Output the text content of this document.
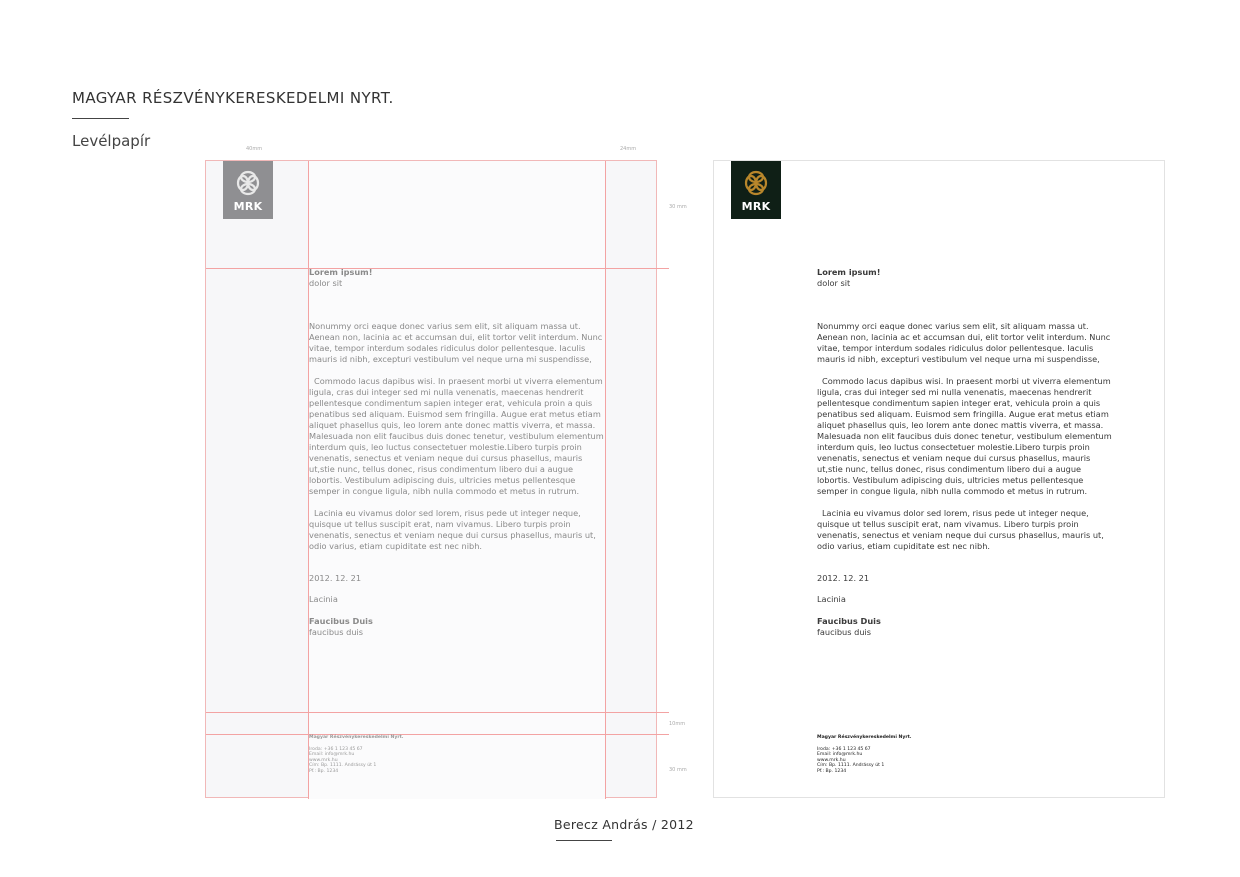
MAGYAR RÉSZVÉNYKERESKEDELMI NYRT.
Levélpapír	40mm	24mm
30 mm
10mm
30 mm
MRK

Lorem ipsum!

dolor sit

Nonummy orci eaque donec varius sem elit, sit aliquam massa ut. Aenean non, lacinia ac et accumsan dui, elit tortor velit interdum. Nunc vitae, tempor interdum sodales ridiculus dolor pellentesque. Iaculis mauris id nibh, excepturi vestibulum vel neque urna mi suspendisse,

Commodo lacus dapibus wisi. In praesent morbi ut viverra elementum ligula, cras dui integer sed mi nulla venenatis, maecenas hendrerit pellentesque condimentum sapien integer erat, vehicula proin a quis penatibus sed aliquam. Euismod sem fringilla. Augue erat metus etiam aliquet phasellus quis, leo lorem ante donec mattis viverra, et massa. Malesuada non elit faucibus duis donec tenetur, vestibulum elementum interdum quis, leo luctus consectetuer molestie.Libero turpis proin venenatis, senectus et veniam neque dui cursus phasellus, mauris ut,stie nunc, tellus donec, risus condimentum libero dui a augue lobortis. Vestibulum adipiscing duis, ultricies metus pellentesque semper in congue ligula, nibh nulla commodo et metus in rutrum.

Lacinia eu vivamus dolor sed lorem, risus pede ut integer neque, quisque ut tellus suscipit erat, nam vivamus. Libero turpis proin venenatis, senectus et veniam neque dui cursus phasellus, mauris ut, odio varius, etiam cupiditate est nec nibh.

2012. 12. 21

Lacinia

Faucibus Duis

faucibus duis

Magyar Részvénykereskedelmi Nyrt.
Iroda: +36 1 123 45 67
Email: info@mrk.hu
www.mrk.hu
Cím: Bp. 1111. Andrássy út 1
Pf.: Bp. 1234
MRK

Lorem ipsum!

dolor sit

Nonummy orci eaque donec varius sem elit, sit aliquam massa ut. Aenean non, lacinia ac et accumsan dui, elit tortor velit interdum. Nunc vitae, tempor interdum sodales ridiculus dolor pellentesque. Iaculis mauris id nibh, excepturi vestibulum vel neque urna mi suspendisse,

Commodo lacus dapibus wisi. In praesent morbi ut viverra elementum ligula, cras dui integer sed mi nulla venenatis, maecenas hendrerit pellentesque condimentum sapien integer erat, vehicula proin a quis penatibus sed aliquam. Euismod sem fringilla. Augue erat metus etiam aliquet phasellus quis, leo lorem ante donec mattis viverra, et massa. Malesuada non elit faucibus duis donec tenetur, vestibulum elementum interdum quis, leo luctus consectetuer molestie.Libero turpis proin venenatis, senectus et veniam neque dui cursus phasellus, mauris ut,stie nunc, tellus donec, risus condimentum libero dui a augue lobortis. Vestibulum adipiscing duis, ultricies metus pellentesque semper in congue ligula, nibh nulla commodo et metus in rutrum.

Lacinia eu vivamus dolor sed lorem, risus pede ut integer neque, quisque ut tellus suscipit erat, nam vivamus. Libero turpis proin venenatis, senectus et veniam neque dui cursus phasellus, mauris ut, odio varius, etiam cupiditate est nec nibh.

2012. 12. 21

Lacinia

Faucibus Duis

faucibus duis

Magyar Részvénykereskedelmi Nyrt.
Iroda: +36 1 123 45 67
Email: info@mrk.hu
www.mrk.hu
Cím: Bp. 1111. Andrássy út 1
Pf.: Bp. 1234
Berecz András / 2012
